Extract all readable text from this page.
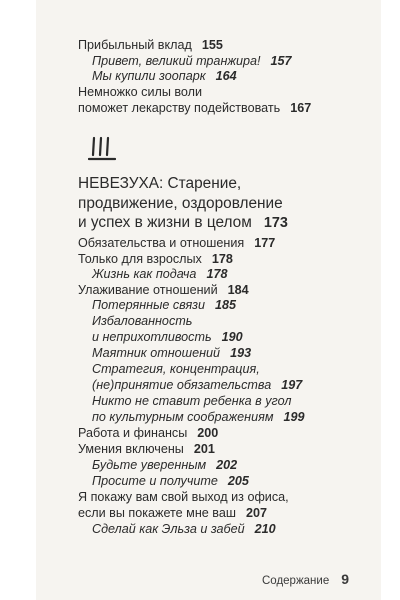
Прибыльный вклад 155
Привет, великий транжира! 157
Мы купили зоопарк 164
Немножко силы воли
поможет лекарству подействовать 167
НЕВЕЗУХА: Старение,
продвижение, оздоровление
и успех в жизни в целом 173
Обязательства и отношения 177
Только для взрослых 178
Жизнь как подача 178
Улаживание отношений 184
Потерянные связи 185
Избалованность
и неприхотливость 190
Маятник отношений 193
Стратегия, концентрация,
(не)принятие обязательства 197
Никто не ставит ребенка в угол
по культурным соображениям 199
Работа и финансы 200
Умения включены 201
Будьте уверенным 202
Просите и получите 205
Я покажу вам свой выход из офиса,
если вы покажете мне ваш 207
Сделай как Эльза и забей 210
Содержание 9
